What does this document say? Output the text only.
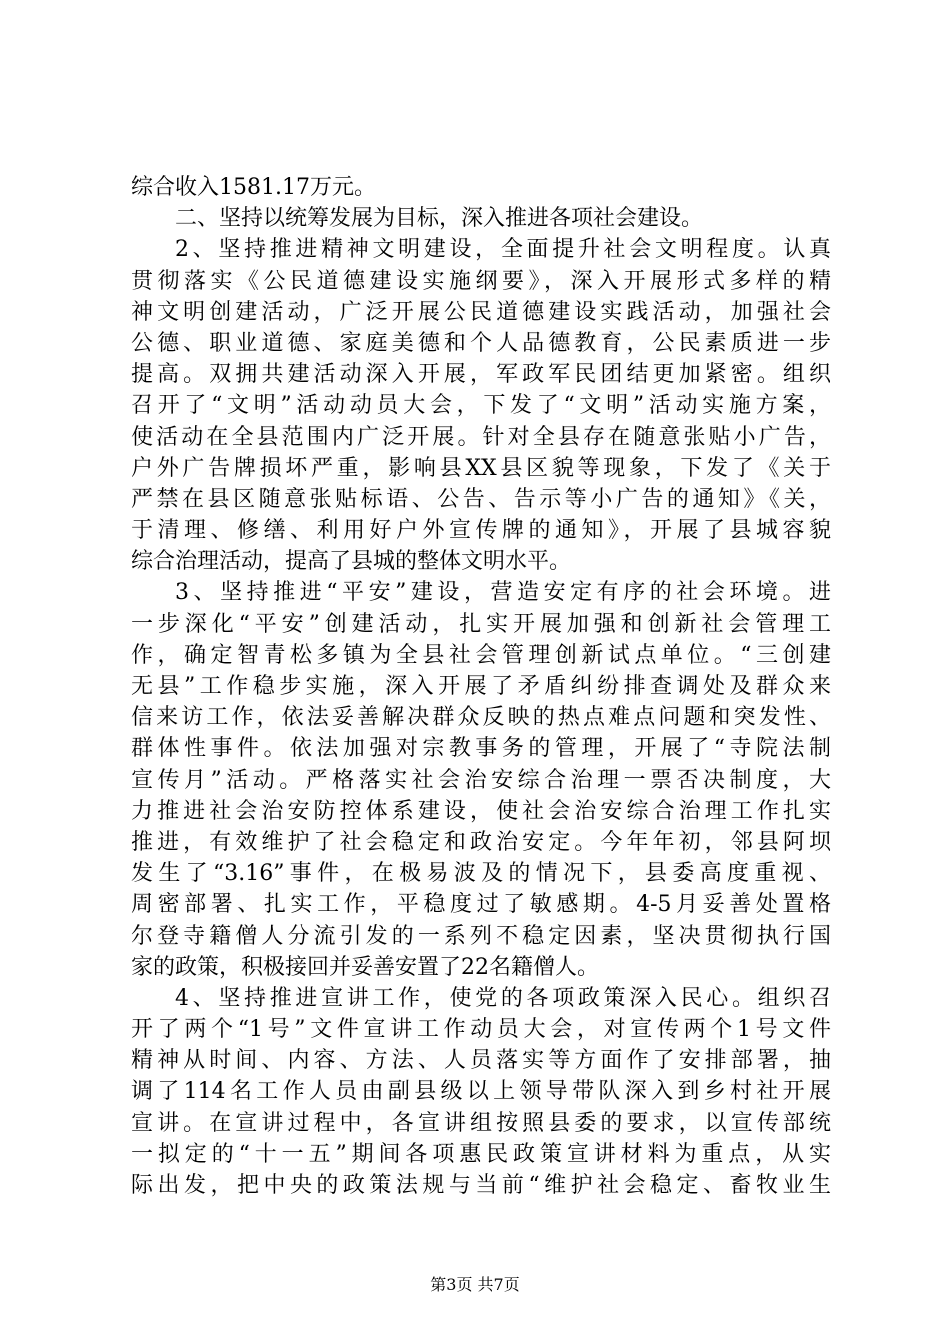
综合收入1581.17万元。
二、坚持以统筹发展为目标，深入推进各项社会建设。
2、坚持推进精神文明建设，全面提升社会文明程度。认真
贯彻落实《公民道德建设实施纲要》，深入开展形式多样的精
神文明创建活动，广泛开展公民道德建设实践活动，加强社会
公德、职业道德、家庭美德和个人品德教育，公民素质进一步
提高。双拥共建活动深入开展，军政军民团结更加紧密。组织
召开了“文明”活动动员大会，下发了“文明”活动实施方案，
使活动在全县范围内广泛开展。针对全县存在随意张贴小广告，
户外广告牌损坏严重，影响县XX县区貌等现象，下发了《关于
严禁在县区随意张贴标语、公告、告示等小广告的通知》《关，
于清理、修缮、利用好户外宣传牌的通知》，开展了县城容貌
综合治理活动，提高了县城的整体文明水平。
3、坚持推进“平安”建设，营造安定有序的社会环境。进
一步深化“平安”创建活动，扎实开展加强和创新社会管理工
作，确定智青松多镇为全县社会管理创新试点单位。“三创建
无县”工作稳步实施，深入开展了矛盾纠纷排查调处及群众来
信来访工作，依法妥善解决群众反映的热点难点问题和突发性、
群体性事件。依法加强对宗教事务的管理，开展了“寺院法制
宣传月”活动。严格落实社会治安综合治理一票否决制度，大
力推进社会治安防控体系建设，使社会治安综合治理工作扎实
推进，有效维护了社会稳定和政治安定。今年年初，邻县阿坝
发生了“3.16”事件，在极易波及的情况下，县委高度重视、
周密部署、扎实工作，平稳度过了敏感期。4-5月妥善处置格
尔登寺籍僧人分流引发的一系列不稳定因素，坚决贯彻执行国
家的政策，积极接回并妥善安置了22名籍僧人。
4、坚持推进宣讲工作，使党的各项政策深入民心。组织召
开了两个“1号”文件宣讲工作动员大会，对宣传两个1号文件
精神从时间、内容、方法、人员落实等方面作了安排部署，抽
调了114名工作人员由副县级以上领导带队深入到乡村社开展
宣讲。在宣讲过程中，各宣讲组按照县委的要求，以宣传部统
一拟定的“十一五”期间各项惠民政策宣讲材料为重点，从实
际出发，把中央的政策法规与当前“维护社会稳定、畜牧业生
第3页 共7页
